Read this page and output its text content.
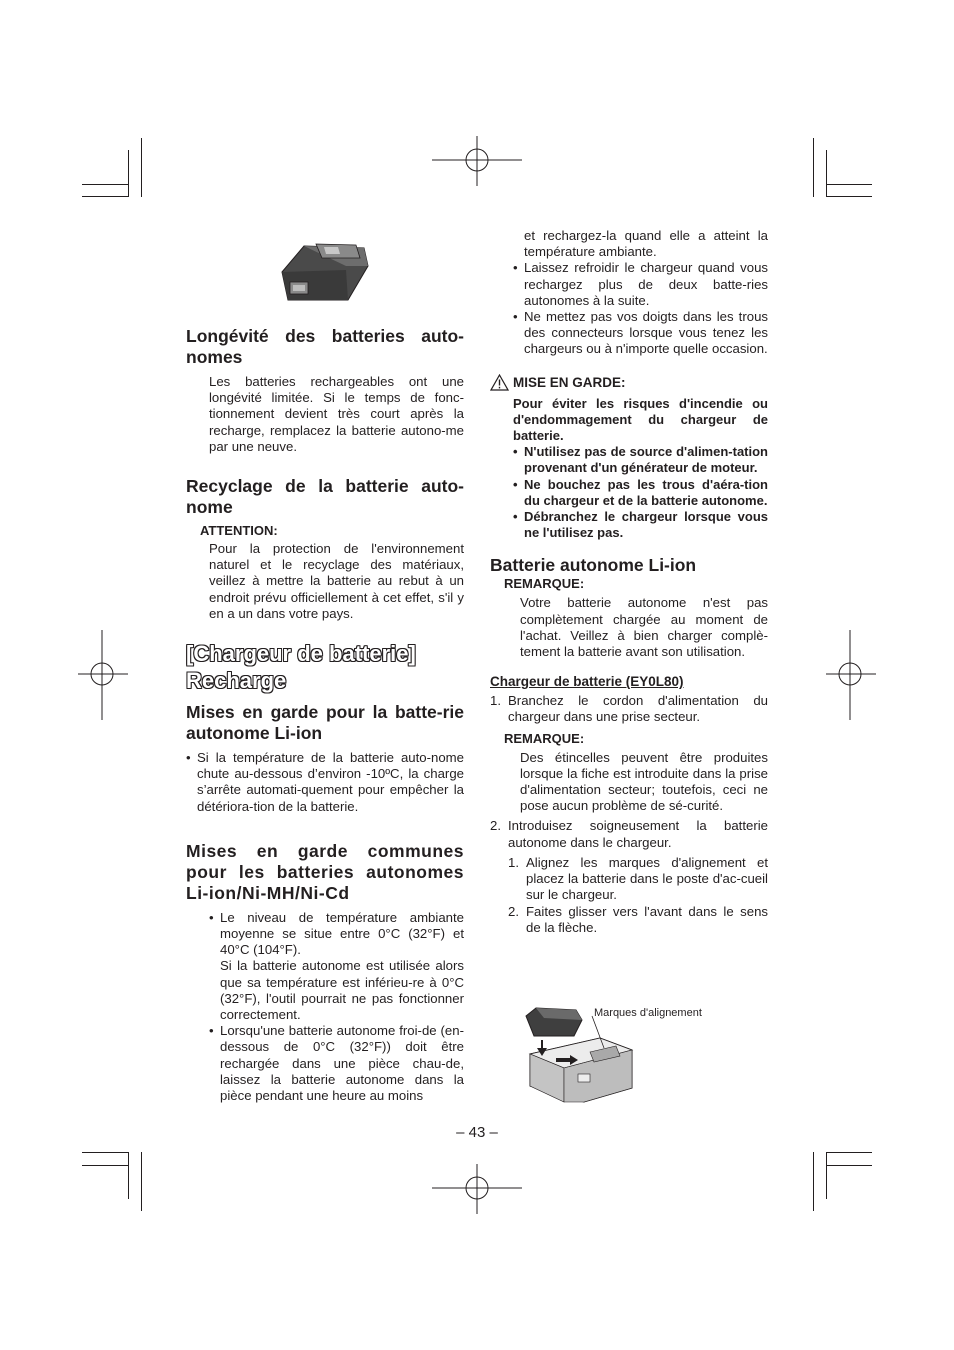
Longévité des batteries auto-nomes

Les batteries rechargeables ont une longévité limitée. Si le temps de fonc-tionnement devient très court après la recharge, remplacez la batterie autono-me par une neuve.

Recyclage de la batterie auto-nome

ATTENTION:

Pour la protection de l'environnement naturel et le recyclage des matériaux, veillez à mettre la batterie au rebut à un endroit prévu officiellement à cet effet, s'il y en a un dans votre pays.

[Chargeur de batterie]
Recharge
Mises en garde pour la batte-rie autonome Li-ion
• Si la température de la batterie auto-nome chute au-dessous d’environ -10ºC, la charge s’arrête automati-quement pour empêcher la détériora-tion de la batterie.
Mises en garde communes pour les batteries autonomes Li-ion/Ni-MH/Ni-Cd
• Le niveau de température ambiante moyenne se situe entre 0°C (32°F) et 40°C (104°F).
Si la batterie autonome est utilisée alors que sa température est inférieu-re à 0°C (32°F), l'outil pourrait ne pas fonctionner correctement.
• Lorsqu'une batterie autonome froi-de (en-dessous de 0°C (32°F)) doit être rechargée dans une pièce chau-de, laissez la batterie autonome dans la pièce pendant une heure au moins

et rechargez-la quand elle a atteint la température ambiante.

• Laissez refroidir le chargeur quand vous rechargez plus de deux batte-ries autonomes à la suite.
• Ne mettez pas vos doigts dans les trous des connecteurs lorsque vous tenez les chargeurs ou à n'importe quelle occasion.
MISE EN GARDE:

Pour éviter les risques d'incendie ou d'endommagement du chargeur de batterie.

• N'utilisez pas de source d'alimen-tation provenant d'un générateur de moteur.
• Ne bouchez pas les trous d'aéra-tion du chargeur et de la batterie autonome.
• Débranchez le chargeur lorsque vous ne l'utilisez pas.
Batterie autonome Li-ion

REMARQUE:

Votre batterie autonome n'est pas complètement chargée au moment de l'achat. Veillez à bien charger complè-tement la batterie avant son utilisation.

Chargeur de batterie (EY0L80)

1. Branchez le cordon d'alimentation du chargeur dans une prise secteur.

REMARQUE:

Des étincelles peuvent être produites lorsque la fiche est introduite dans la prise d'alimentation secteur; toutefois, ceci ne pose aucun problème de sé-curité.

2. Introduisez soigneusement la batterie autonome dans le chargeur.
1. Alignez les marques d'alignement et placez la batterie dans le poste d'ac-cueil sur le chargeur.
2. Faites glisser vers l'avant dans le sens de la flèche.
Marques d'alignement
– 43 –
